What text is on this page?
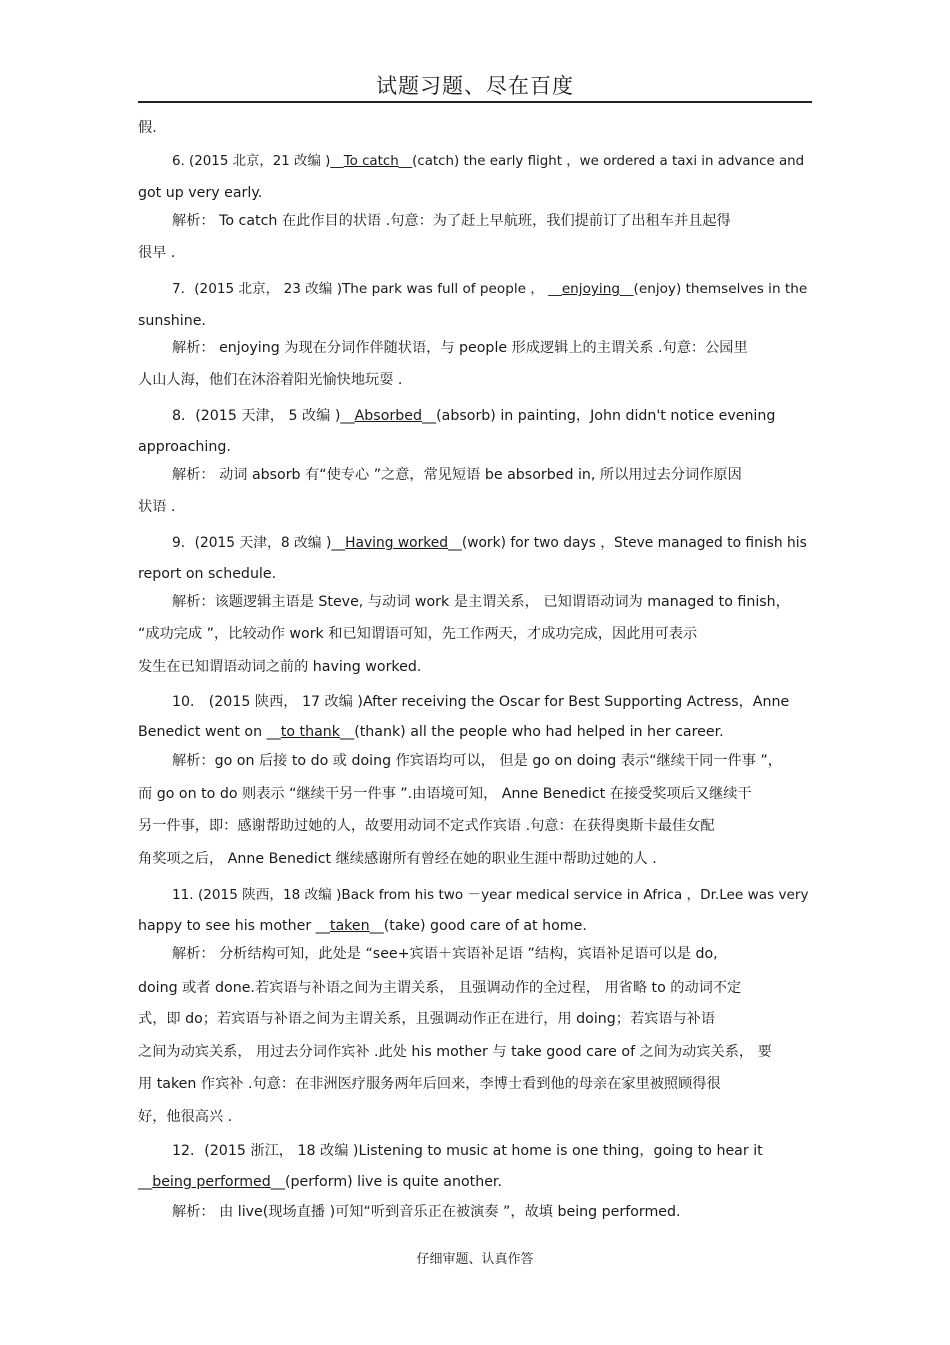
试题习题、尽在百度
假.
6. (2015 北京，21 改编 )__To catch__(catch) the early flight ，we ordered a taxi in advance and
got up very early.
解析： To catch 在此作目的状语 .句意：为了赶上早航班，我们提前订了出租车并且起得
很早 .
7．(2015 北京， 23 改编 )The park was full of people ， __enjoying__(enjoy) themselves in the
sunshine.
解析： enjoying 为现在分词作伴随状语，与 people 形成逻辑上的主谓关系 .句意：公园里
人山人海，他们在沐浴着阳光愉快地玩耍 .
8．(2015 天津， 5 改编 )__Absorbed__(absorb) in painting，John didn't notice evening
approaching.
解析： 动词 absorb 有“使专心 ”之意，常见短语 be absorbed in, 所以用过去分词作原因
状语 .
9．(2015 天津，8 改编 )__Having worked__(work) for two days ，Steve managed to finish his
report on schedule.
解析：该题逻辑主语是 Steve, 与动词 work 是主谓关系， 已知谓语动词为 managed to finish，
“成功完成 ”，比较动作 work 和已知谓语可知，先工作两天，才成功完成，因此用可表示
发生在已知谓语动词之前的 having worked.
10． (2015 陕西， 17 改编 )After receiving the Oscar for Best Supporting Actress，Anne
Benedict went on __to thank__(thank) all the people who had helped in her career.
解析：go on 后接 to do 或 doing 作宾语均可以， 但是 go on doing 表示“继续干同一件事 ”，
而 go on to do 则表示 “继续干另一件事 ”.由语境可知， Anne Benedict 在接受奖项后又继续干
另一件事，即：感谢帮助过她的人，故要用动词不定式作宾语 .句意：在获得奥斯卡最佳女配
角奖项之后， Anne Benedict 继续感谢所有曾经在她的职业生涯中帮助过她的人 .
11. (2015 陕西，18 改编 )Back from his two －year medical service in Africa ，Dr.Lee was very
happy to see his mother __taken__(take) good care of at home.
解析： 分析结构可知，此处是 “see+宾语＋宾语补足语 ”结构，宾语补足语可以是 do,
doing 或者 done.若宾语与补语之间为主谓关系， 且强调动作的全过程， 用省略 to 的动词不定
式，即 do；若宾语与补语之间为主谓关系，且强调动作正在进行，用 doing；若宾语与补语
之间为动宾关系， 用过去分词作宾补 .此处 his mother 与 take good care of 之间为动宾关系， 要
用 taken 作宾补 .句意：在非洲医疗服务两年后回来，李博士看到他的母亲在家里被照顾得很
好，他很高兴 .
12．(2015 浙江， 18 改编 )Listening to music at home is one thing，going to hear it
__being performed__(perform) live is quite another.
解析： 由 live(现场直播 )可知“听到音乐正在被演奏 ”，故填 being performed.
仔细审题、认真作答
